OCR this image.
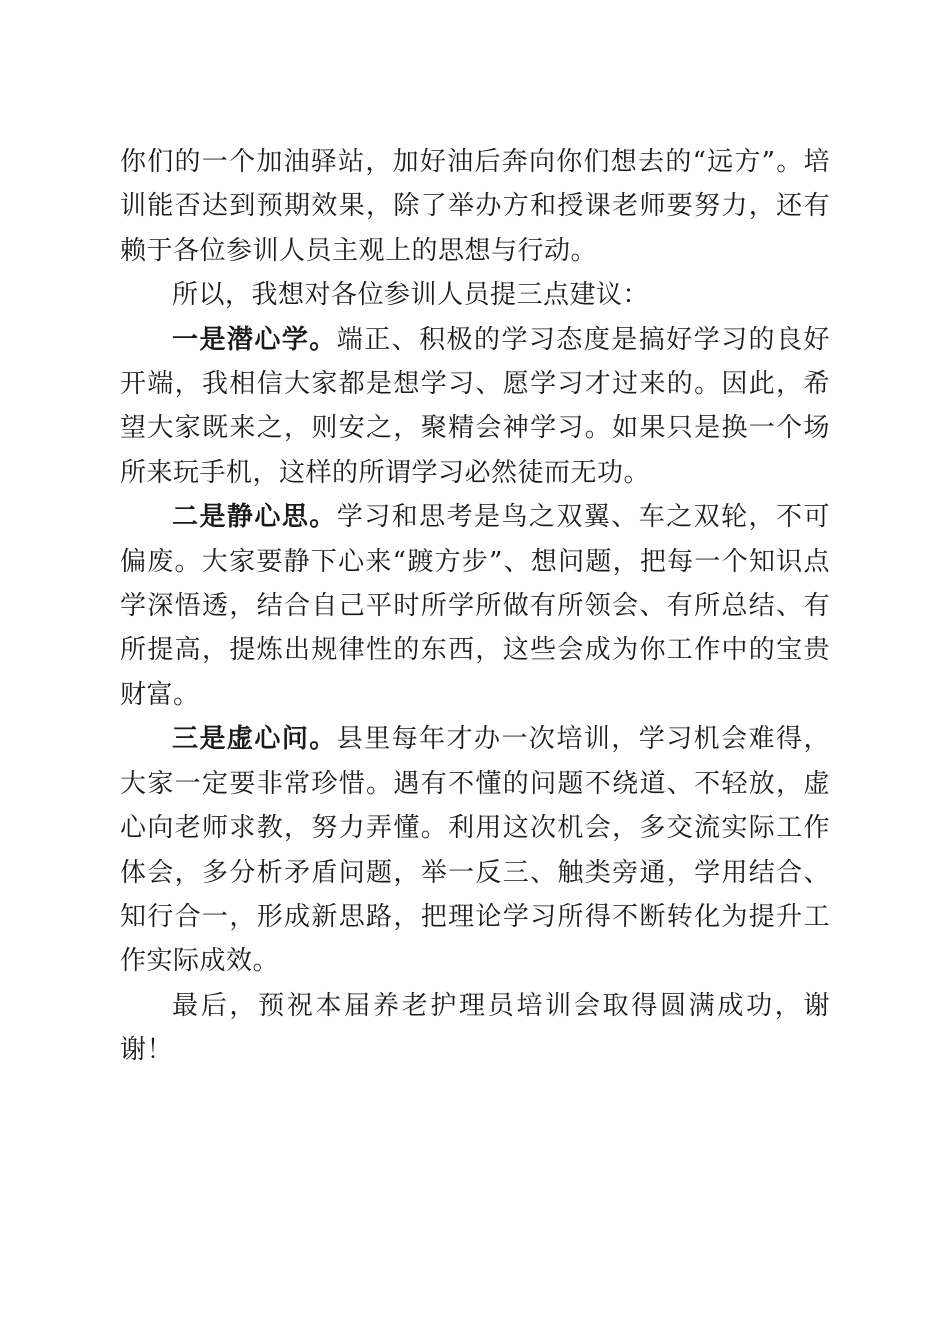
你们的一个加油驿站，加好油后奔向你们想去的“远方”。培训能否达到预期效果，除了举办方和授课老师要努力，还有赖于各位参训人员主观上的思想与行动。

所以，我想对各位参训人员提三点建议：

一是潜心学。端正、积极的学习态度是搞好学习的良好开端，我相信大家都是想学习、愿学习才过来的。因此，希望大家既来之，则安之，聚精会神学习。如果只是换一个场所来玩手机，这样的所谓学习必然徒而无功。

二是静心思。学习和思考是鸟之双翼、车之双轮，不可偏废。大家要静下心来“踱方步”、想问题，把每一个知识点学深悟透，结合自己平时所学所做有所领会、有所总结、有所提高，提炼出规律性的东西，这些会成为你工作中的宝贵财富。

三是虚心问。县里每年才办一次培训，学习机会难得，大家一定要非常珍惜。遇有不懂的问题不绕道、不轻放，虚心向老师求教，努力弄懂。利用这次机会，多交流实际工作体会，多分析矛盾问题，举一反三、触类旁通，学用结合、知行合一，形成新思路，把理论学习所得不断转化为提升工作实际成效。

最后，预祝本届养老护理员培训会取得圆满成功，谢谢！
